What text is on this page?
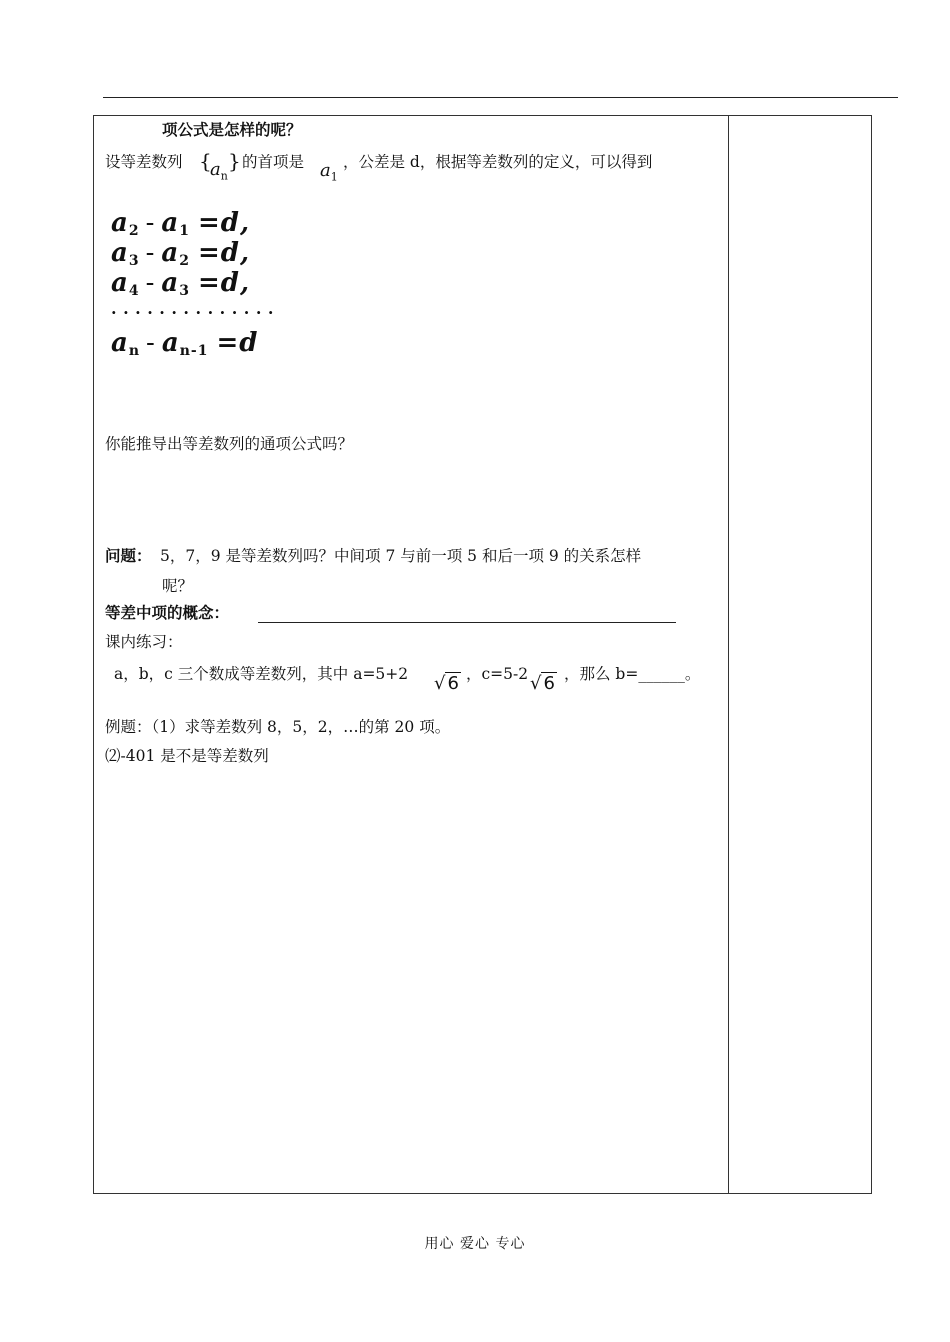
项公式是怎样的呢？
设等差数列 {
$a_n$
} 的首项是 $a_1$
，公差是 d，根据等差数列的定义，可以得到
$a_2 - a_1 =d$,
$a_3 - a_2 =d$,
$a_4 - a_3 =d$,
··············
$a_n - a_{n-1} =d$
你能推导出等差数列的通项公式吗？
问题： 5，7，9 是等差数列吗？中间项 7 与前一项 5 和后一项 9 的关系怎样
呢？
等差中项的概念：
课内练习：
a，b，c 三个数成等差数列，其中 a=5+2 √ 6 ，c=5-2 √ 6 ，那么 b=______。
例题：（1）求等差数列 8，5，2，…的第 20 项。
⑵-401 是不是等差数列
用心 爱心 专心
